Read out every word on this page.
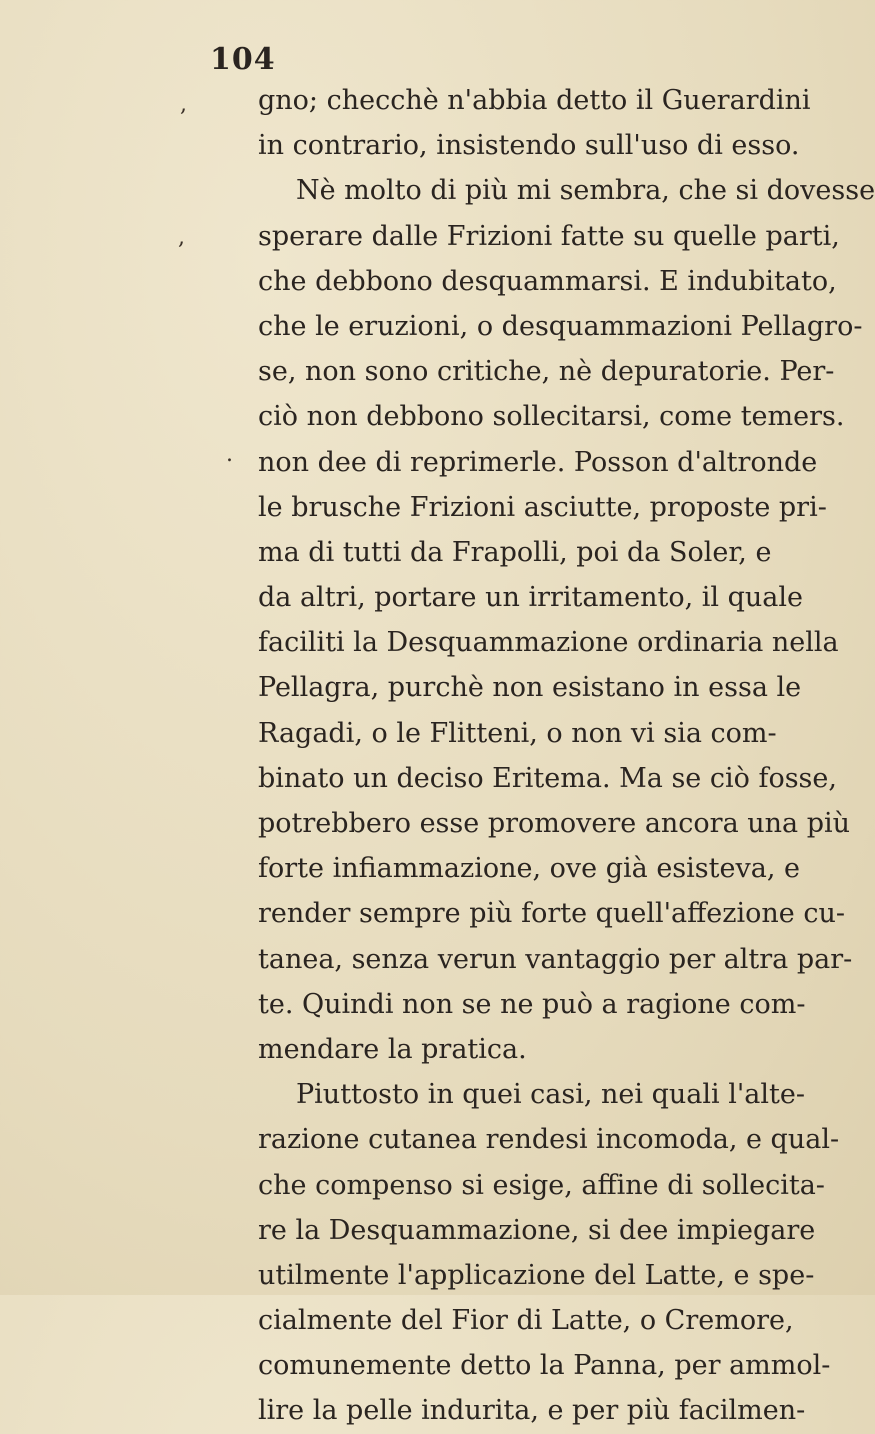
,
,
.
104
gno; checchè n'abbia detto il Guerardini
in contrario, insistendo sull'uso di esso.
Nè molto di più mi sembra, che si dovesse
sperare dalle Frizioni fatte su quelle parti,
che debbono desquammarsi. E indubitato,
che le eruzioni, o desquammazioni Pellagro-
se, non sono critiche, nè depuratorie. Per-
ciò non debbono sollecitarsi, come temers.
non dee di reprimerle. Posson d'altronde
le brusche Frizioni asciutte, proposte pri-
ma di tutti da Frapolli, poi da Soler, e
da altri, portare un irritamento, il quale
faciliti la Desquammazione ordinaria nella
Pellagra, purchè non esistano in essa le
Ragadi, o le Flitteni, o non vi sia com-
binato un deciso Eritema. Ma se ciò fosse,
potrebbero esse promovere ancora una più
forte infiammazione, ove già esisteva, e
render sempre più forte quell'affezione cu-
tanea, senza verun vantaggio per altra par-
te. Quindi non se ne può a ragione com-
mendare la pratica.
Piuttosto in quei casi, nei quali l'alte-
razione cutanea rendesi incomoda, e qual-
che compenso si esige, affine di sollecita-
re la Desquammazione, si dee impiegare
utilmente l'applicazione del Latte, e spe-
cialmente del Fior di Latte, o Cremore,
comunemente detto la Panna, per ammol-
lire la pelle indurita, e per più facilmen-
